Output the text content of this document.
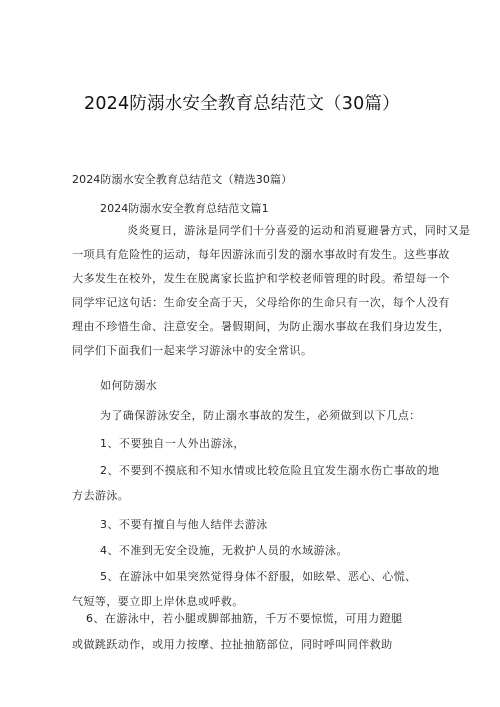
2024防溺水安全教育总结范文（30篇）
2024防溺水安全教育总结范文（精选30篇）
2024防溺水安全教育总结范文篇1
炎炎夏日，游泳是同学们十分喜爱的运动和消夏避暑方式，同时又是
一项具有危险性的运动，每年因游泳而引发的溺水事故时有发生。这些事故
大多发生在校外，发生在脱离家长监护和学校老师管理的时段。希望每一个
同学牢记这句话：生命安全高于天，父母给你的生命只有一次，每个人没有
理由不珍惜生命、注意安全。暑假期间，为防止溺水事故在我们身边发生，
同学们下面我们一起来学习游泳中的安全常识。
如何防溺水
为了确保游泳安全，防止溺水事故的发生，必须做到以下几点：
1、不要独自一人外出游泳，
2、不要到不摸底和不知水情或比较危险且宜发生溺水伤亡事故的地
方去游泳。
3、不要有擅自与他人结伴去游泳
4、不准到无安全设施，无救护人员的水域游泳。
5、在游泳中如果突然觉得身体不舒服，如眩晕、恶心、心慌、
气短等，要立即上岸休息或呼救。
6、在游泳中，若小腿或脚部抽筋，千万不要惊慌，可用力蹬腿
或做跳跃动作，或用力按摩、拉扯抽筋部位，同时呼叫同伴救助
